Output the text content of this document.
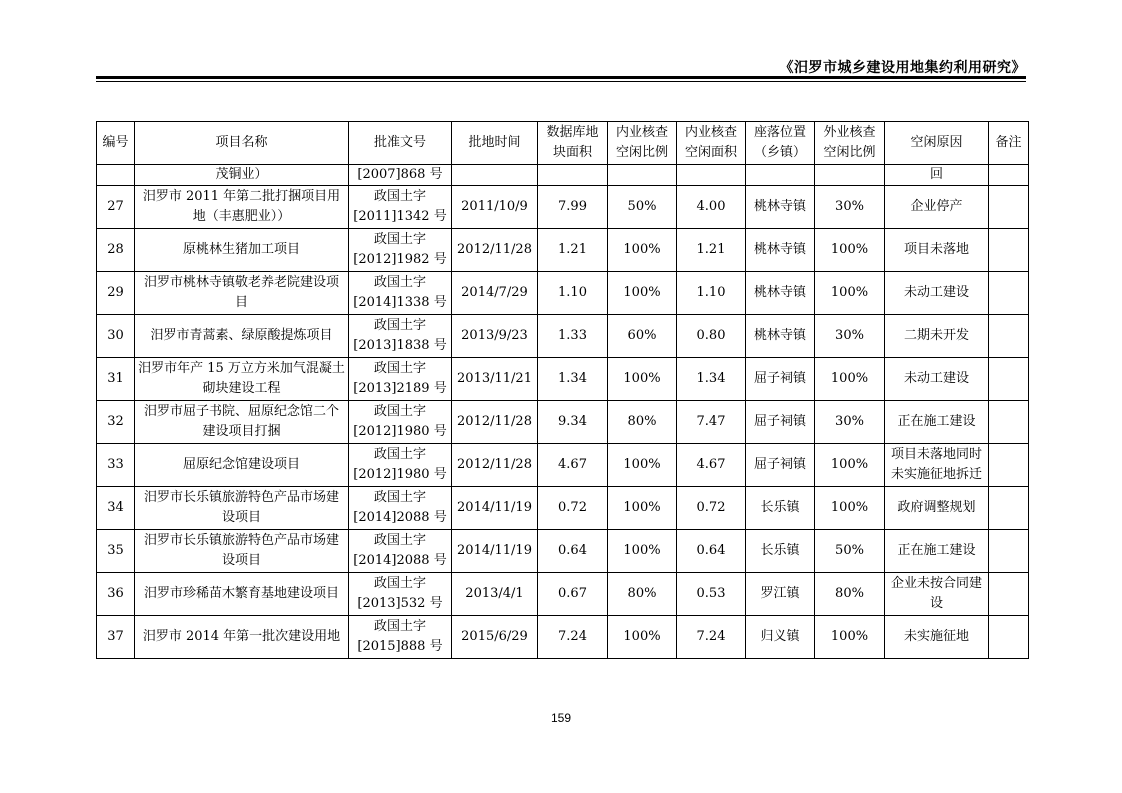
《汨罗市城乡建设用地集约利用研究》
编号	项目名称	批准文号	批地时间	数据库地块面积	内业核查空闲比例	内业核查空闲面积	座落位置（乡镇）	外业核查空闲比例	空闲原因	备注
	茂铜业）	[2007]868 号							回	
27	汨罗市 2011 年第二批打捆项目用地（丰惠肥业））	政国土字
[2011]1342 号	2011/10/9	7.99	50%	4.00	桃林寺镇	30%	企业停产	
28	原桃林生猪加工项目	政国土字
[2012]1982 号	2012/11/28	1.21	100%	1.21	桃林寺镇	100%	项目未落地	
29	汨罗市桃林寺镇敬老养老院建设项目	政国土字
[2014]1338 号	2014/7/29	1.10	100%	1.10	桃林寺镇	100%	未动工建设	
30	汨罗市青蒿素、绿原酸提炼项目	政国土字
[2013]1838 号	2013/9/23	1.33	60%	0.80	桃林寺镇	30%	二期未开发	
31	汨罗市年产 15 万立方米加气混凝土砌块建设工程	政国土字
[2013]2189 号	2013/11/21	1.34	100%	1.34	屈子祠镇	100%	未动工建设	
32	汨罗市屈子书院、屈原纪念馆二个建设项目打捆	政国土字
[2012]1980 号	2012/11/28	9.34	80%	7.47	屈子祠镇	30%	正在施工建设	
33	屈原纪念馆建设项目	政国土字
[2012]1980 号	2012/11/28	4.67	100%	4.67	屈子祠镇	100%	项目未落地同时未实施征地拆迁	
34	汨罗市长乐镇旅游特色产品市场建设项目	政国土字
[2014]2088 号	2014/11/19	0.72	100%	0.72	长乐镇	100%	政府调整规划	
35	汨罗市长乐镇旅游特色产品市场建设项目	政国土字
[2014]2088 号	2014/11/19	0.64	100%	0.64	长乐镇	50%	正在施工建设	
36	汨罗市珍稀苗木繁育基地建设项目	政国土字
[2013]532 号	2013/4/1	0.67	80%	0.53	罗江镇	80%	企业未按合同建设	
37	汨罗市 2014 年第一批次建设用地	政国土字
[2015]888 号	2015/6/29	7.24	100%	7.24	归义镇	100%	未实施征地	
159
